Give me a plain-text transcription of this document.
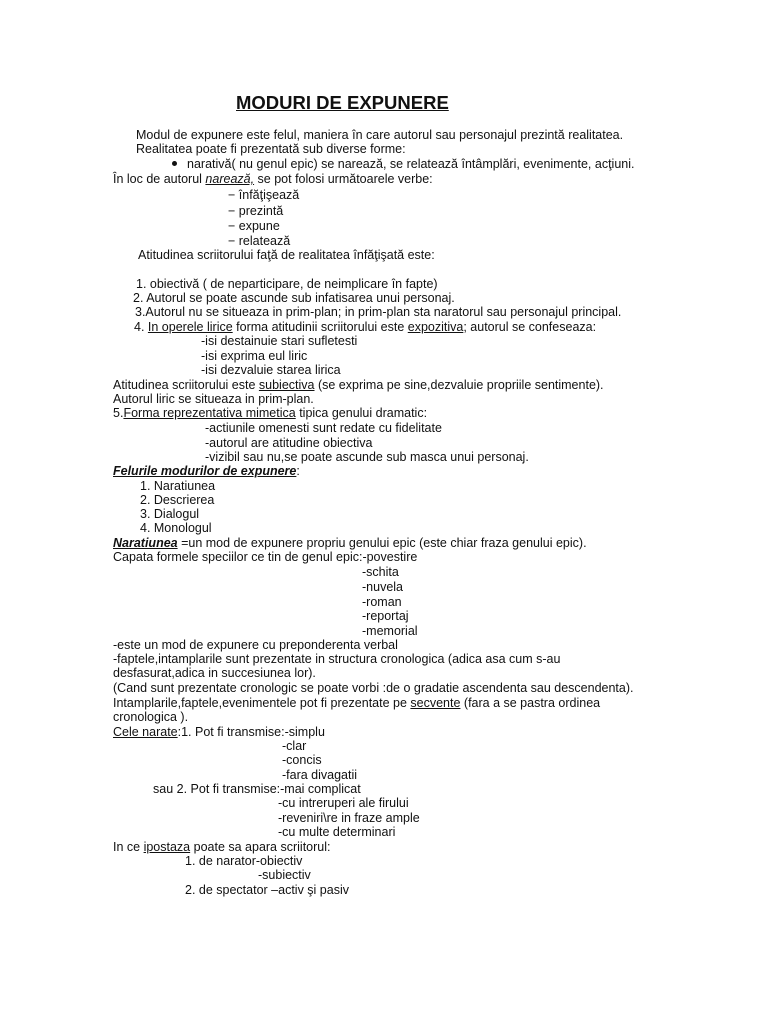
MODURI DE EXPUNERE
Modul de expunere este felul, maniera în care autorul sau personajul prezintă realitatea.
Realitatea poate fi prezentată sub diverse forme:
narativă( nu genul epic) se narează, se relatează întâmplări, evenimente, acţiuni.
În loc de autorul narează, se pot folosi următoarele verbe:
− înfăţişează
− prezintă
− expune
− relatează
Atitudinea scriitorului faţă de realitatea înfăţişată este:
1. obiectivă ( de neparticipare, de neimplicare în fapte)
2. Autorul se poate ascunde sub infatisarea unui personaj.
3.Autorul nu se situeaza in prim-plan; in prim-plan sta naratorul sau personajul principal.
4. In operele lirice forma atitudinii scriitorului este expozitiva; autorul se confeseaza:
-isi destainuie stari sufletesti
-isi exprima eul liric
-isi dezvaluie starea lirica
Atitudinea scriitorului este subiectiva (se exprima pe sine,dezvaluie propriile sentimente).
Autorul liric se situeaza in prim-plan.
5.Forma reprezentativa mimetica tipica genului dramatic:
-actiunile omenesti sunt redate cu fidelitate
-autorul are atitudine obiectiva
-vizibil sau nu,se poate ascunde sub masca unui personaj.
Felurile modurilor de expunere:
1. Naratiunea
2. Descrierea
3. Dialogul
4. Monologul
Naratiunea =un mod de expunere propriu genului epic (este chiar fraza genului epic).
Capata formele speciilor ce tin de genul epic:-povestire
-schita
-nuvela
-roman
-reportaj
-memorial
-este un mod de expunere cu preponderenta verbal
-faptele,intamplarile sunt prezentate in structura cronologica (adica asa cum s-au
desfasurat,adica in succesiunea lor).
(Cand sunt prezentate cronologic se poate vorbi :de o gradatie ascendenta sau descendenta).
Intamplarile,faptele,evenimentele pot fi prezentate pe secvente (fara a se pastra ordinea
cronologica ).
Cele narate:1. Pot fi transmise:-simplu
-clar
-concis
-fara divagatii
sau 2. Pot fi transmise:-mai complicat
-cu intreruperi ale firului
-reveniri\re in fraze ample
-cu multe determinari
In ce ipostaza poate sa apara scriitorul:
1. de narator-obiectiv
-subiectiv
2. de spectator –activ şi pasiv
